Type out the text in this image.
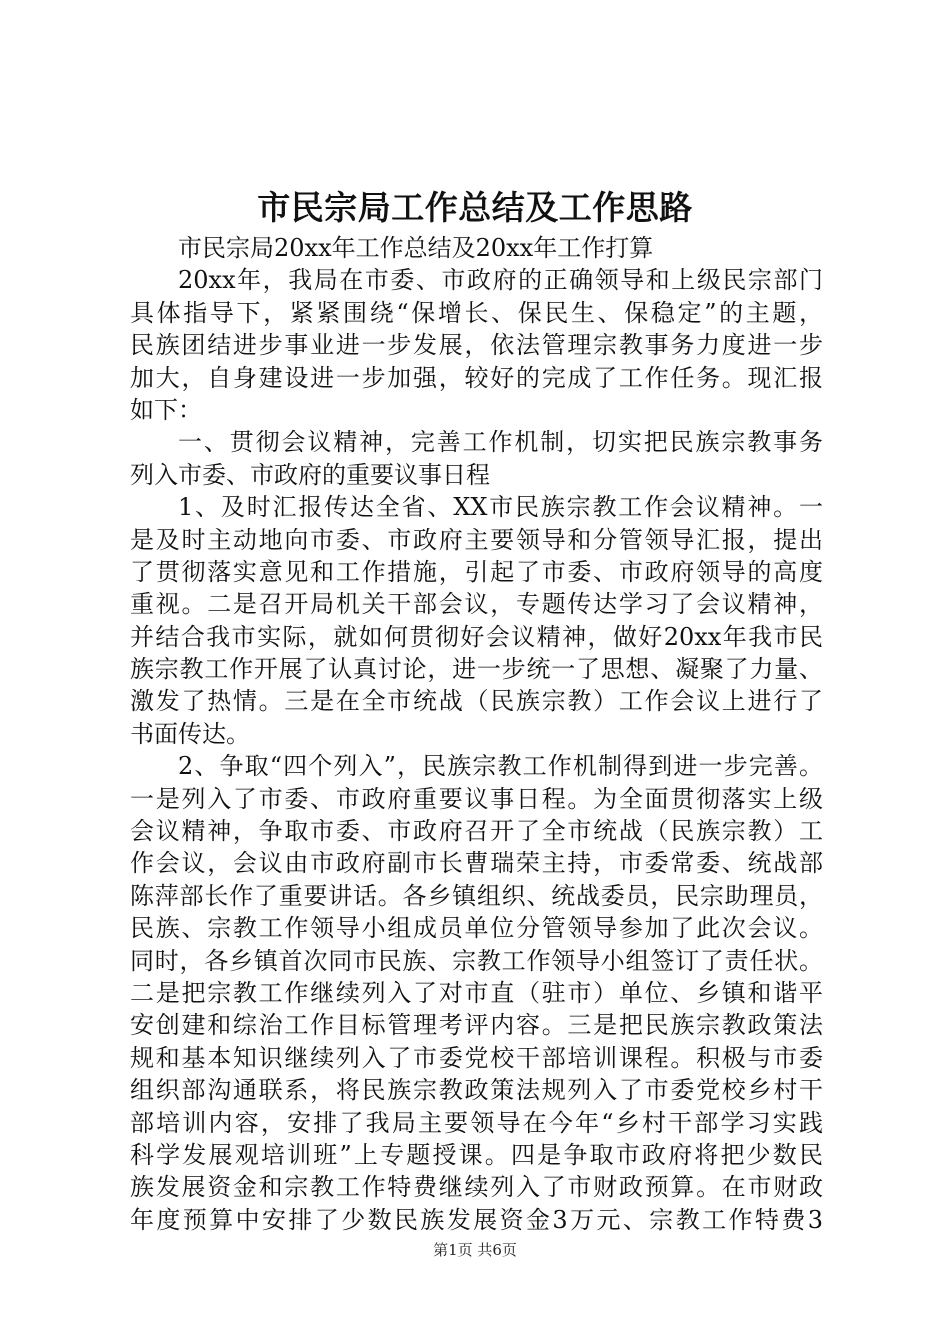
市民宗局工作总结及工作思路
市民宗局20xx年工作总结及20xx年工作打算
20xx年，我局在市委、市政府的正确领导和上级民宗部门
具体指导下，紧紧围绕“保增长、保民生、保稳定”的主题，
民族团结进步事业进一步发展，依法管理宗教事务力度进一步
加大，自身建设进一步加强，较好的完成了工作任务。现汇报
如下：
一、贯彻会议精神，完善工作机制，切实把民族宗教事务
列入市委、市政府的重要议事日程
1、及时汇报传达全省、XX市民族宗教工作会议精神。一
是及时主动地向市委、市政府主要领导和分管领导汇报，提出
了贯彻落实意见和工作措施，引起了市委、市政府领导的高度
重视。二是召开局机关干部会议，专题传达学习了会议精神，
并结合我市实际，就如何贯彻好会议精神，做好20xx年我市民
族宗教工作开展了认真讨论，进一步统一了思想、凝聚了力量、
激发了热情。三是在全市统战（民族宗教）工作会议上进行了
书面传达。
2、争取“四个列入”，民族宗教工作机制得到进一步完善。
一是列入了市委、市政府重要议事日程。为全面贯彻落实上级
会议精神，争取市委、市政府召开了全市统战（民族宗教）工
作会议，会议由市政府副市长曹瑞荣主持，市委常委、统战部
陈萍部长作了重要讲话。各乡镇组织、统战委员，民宗助理员，
民族、宗教工作领导小组成员单位分管领导参加了此次会议。
同时，各乡镇首次同市民族、宗教工作领导小组签订了责任状。
二是把宗教工作继续列入了对市直（驻市）单位、乡镇和谐平
安创建和综治工作目标管理考评内容。三是把民族宗教政策法
规和基本知识继续列入了市委党校干部培训课程。积极与市委
组织部沟通联系，将民族宗教政策法规列入了市委党校乡村干
部培训内容，安排了我局主要领导在今年“乡村干部学习实践
科学发展观培训班”上专题授课。四是争取市政府将把少数民
族发展资金和宗教工作特费继续列入了市财政预算。在市财政
年度预算中安排了少数民族发展资金3万元、宗教工作特费3
第1页 共6页
